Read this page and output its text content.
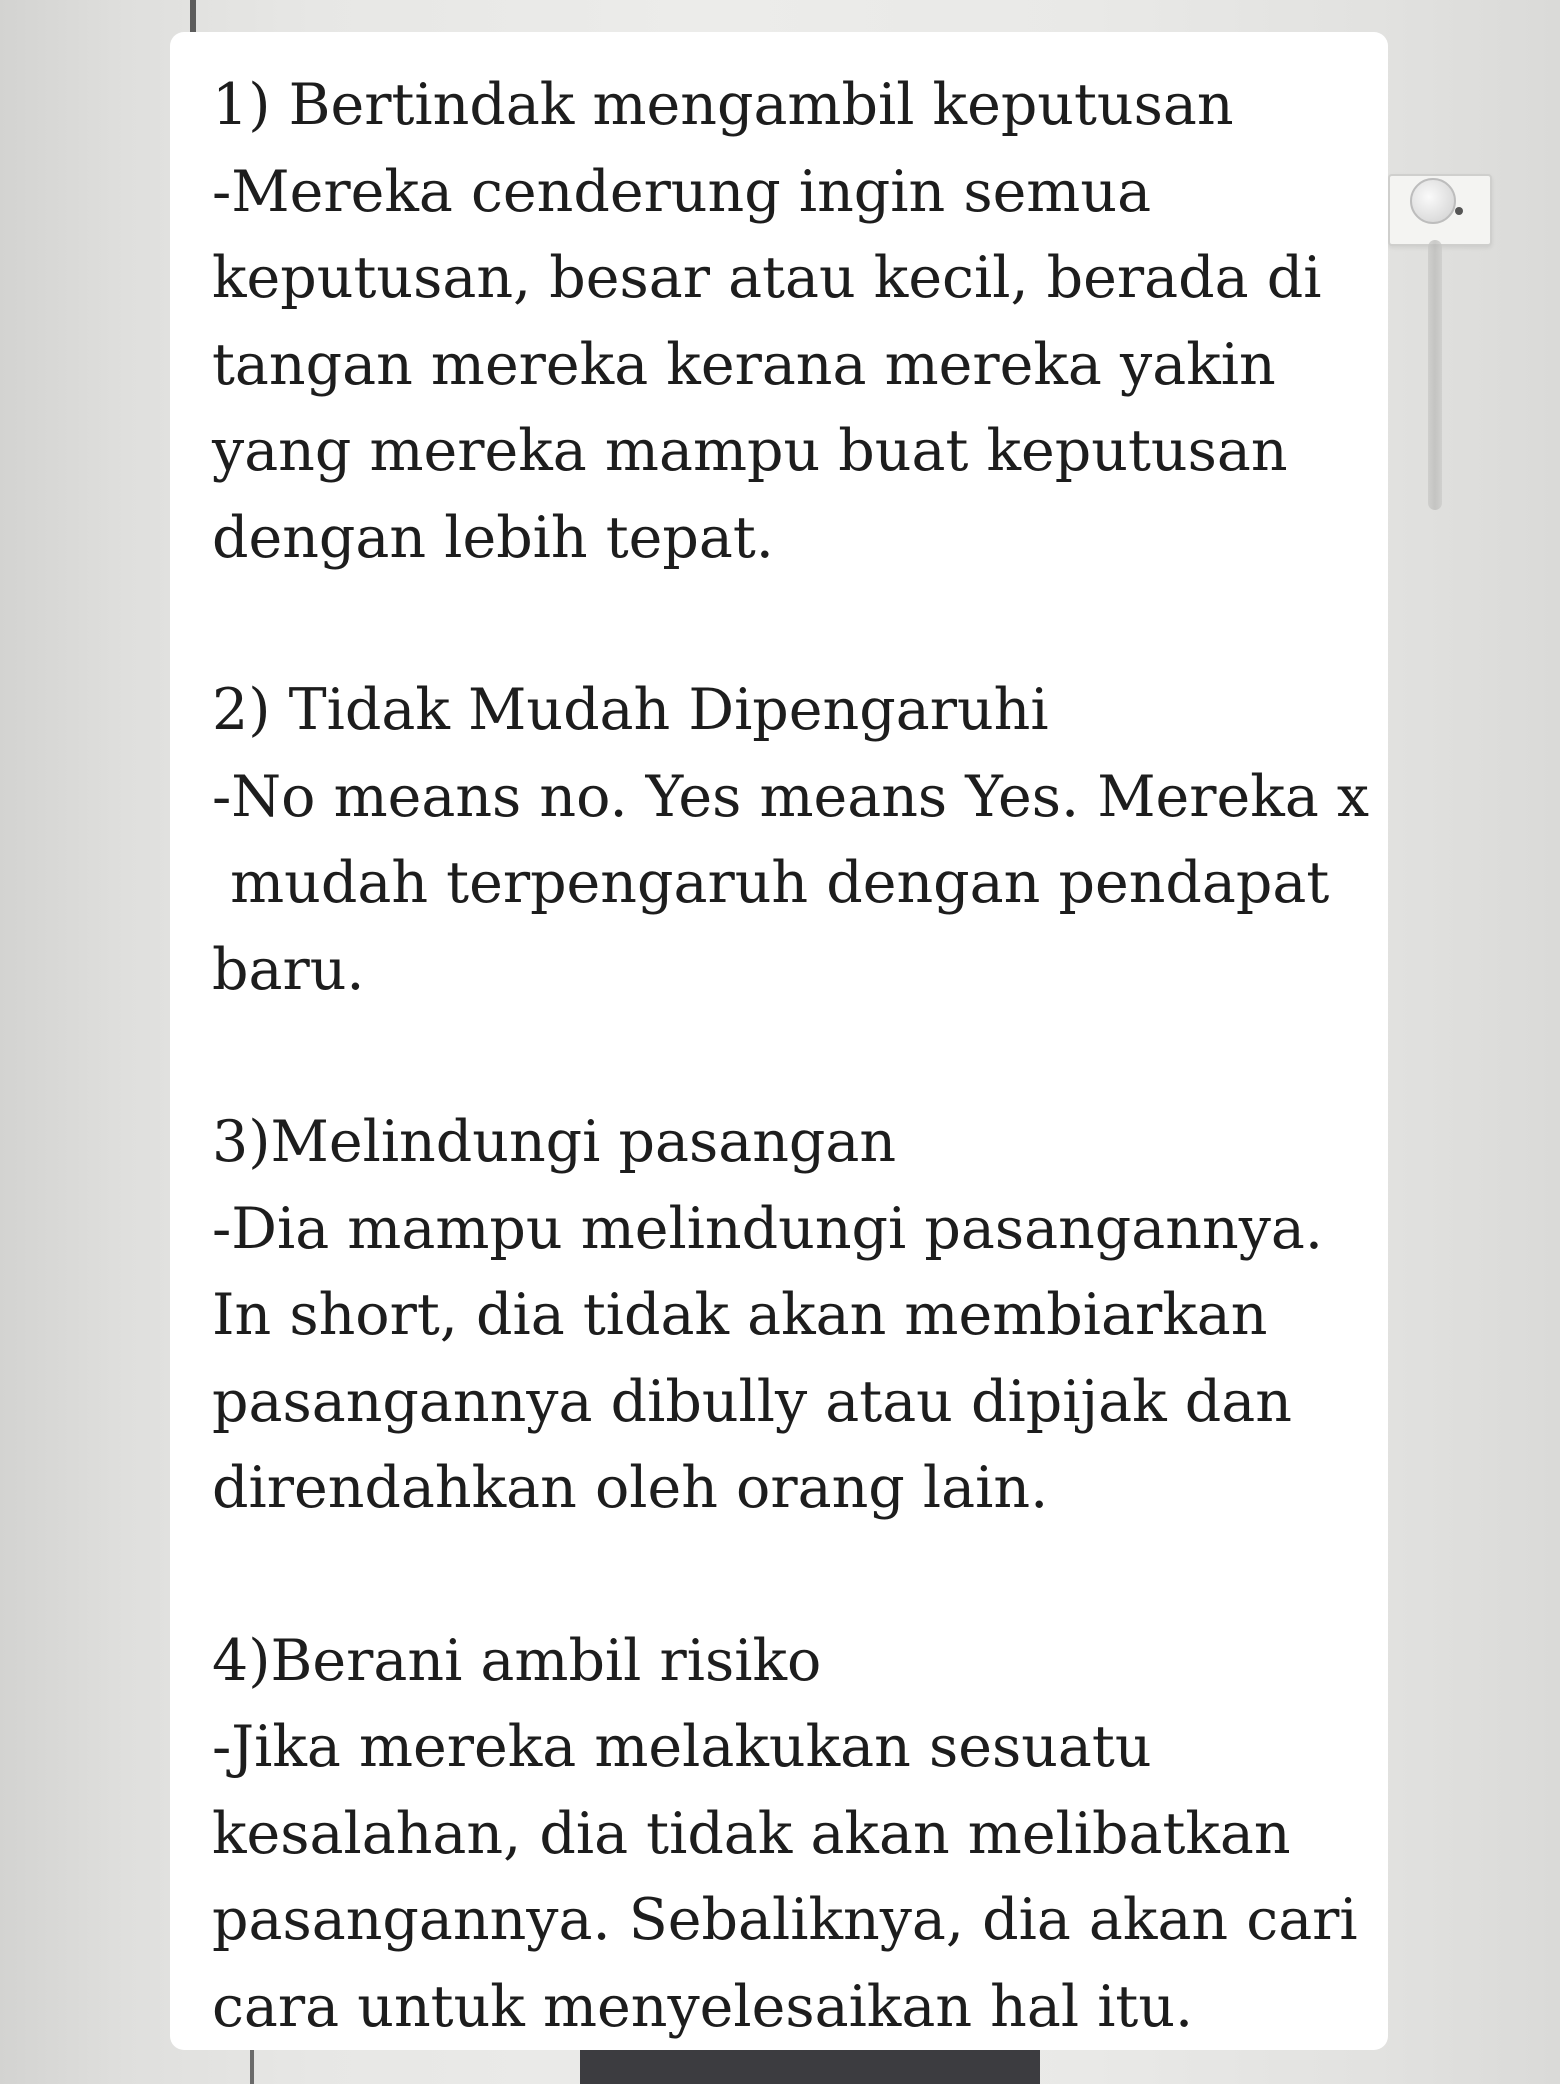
1) Bertindak mengambil keputusan
-Mereka cenderung ingin semua
keputusan, besar atau kecil, berada di
tangan mereka kerana mereka yakin
yang mereka mampu buat keputusan
dengan lebih tepat.
2) Tidak Mudah Dipengaruhi
-No means no. Yes means Yes. Mereka x
mudah terpengaruh dengan pendapat
baru.
3)Melindungi pasangan
-Dia mampu melindungi pasangannya.
In short, dia tidak akan membiarkan
pasangannya dibully atau dipijak dan
direndahkan oleh orang lain.
4)Berani ambil risiko
-Jika mereka melakukan sesuatu
kesalahan, dia tidak akan melibatkan
pasangannya. Sebaliknya, dia akan cari
cara untuk menyelesaikan hal itu.
